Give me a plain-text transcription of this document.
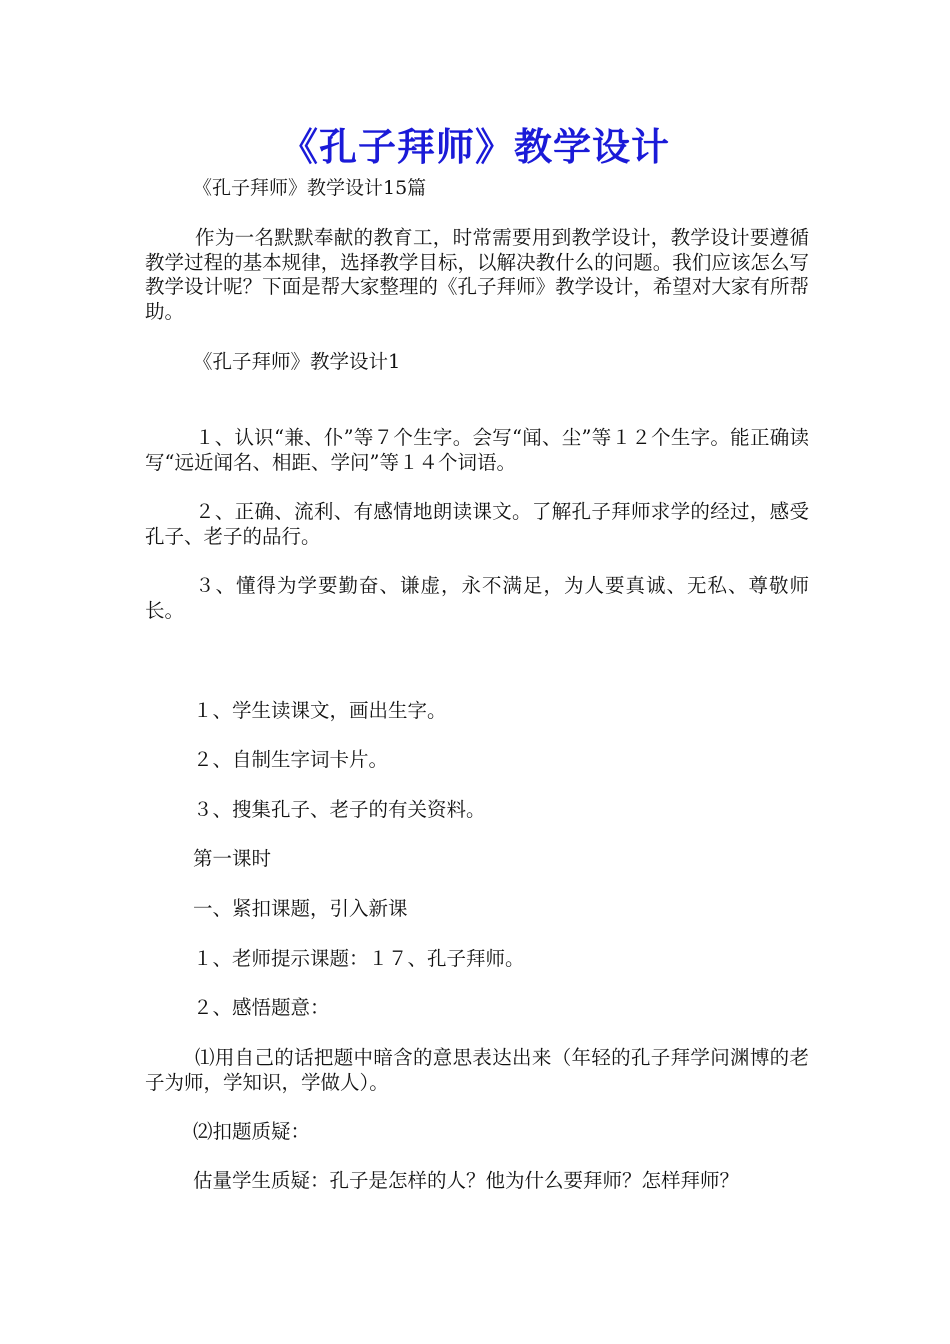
《孔子拜师》教学设计
《孔子拜师》教学设计15篇

作为一名默默奉献的教育工，时常需要用到教学设计，教学设计要遵循教学过程的基本规律，选择教学目标，以解决教什么的问题。我们应该怎么写教学设计呢？下面是帮大家整理的《孔子拜师》教学设计，希望对大家有所帮助。

《孔子拜师》教学设计1

１、认识“兼、仆”等７个生字。会写“闻、尘”等１２个生字。能正确读写“远近闻名、相距、学问”等１４个词语。

２、正确、流利、有感情地朗读课文。了解孔子拜师求学的经过，感受孔子、老子的品行。

３、懂得为学要勤奋、谦虚，永不满足，为人要真诚、无私、尊敬师长。

１、学生读课文，画出生字。
２、自制生字词卡片。
３、搜集孔子、老子的有关资料。
第一课时
一、紧扣课题，引入新课
１、老师提示课题：１７、孔子拜师。
２、感悟题意：

⑴用自己的话把题中暗含的意思表达出来（年轻的孔子拜学问渊博的老子为师，学知识，学做人）。

⑵扣题质疑：
估量学生质疑：孔子是怎样的人？他为什么要拜师？怎样拜师？
